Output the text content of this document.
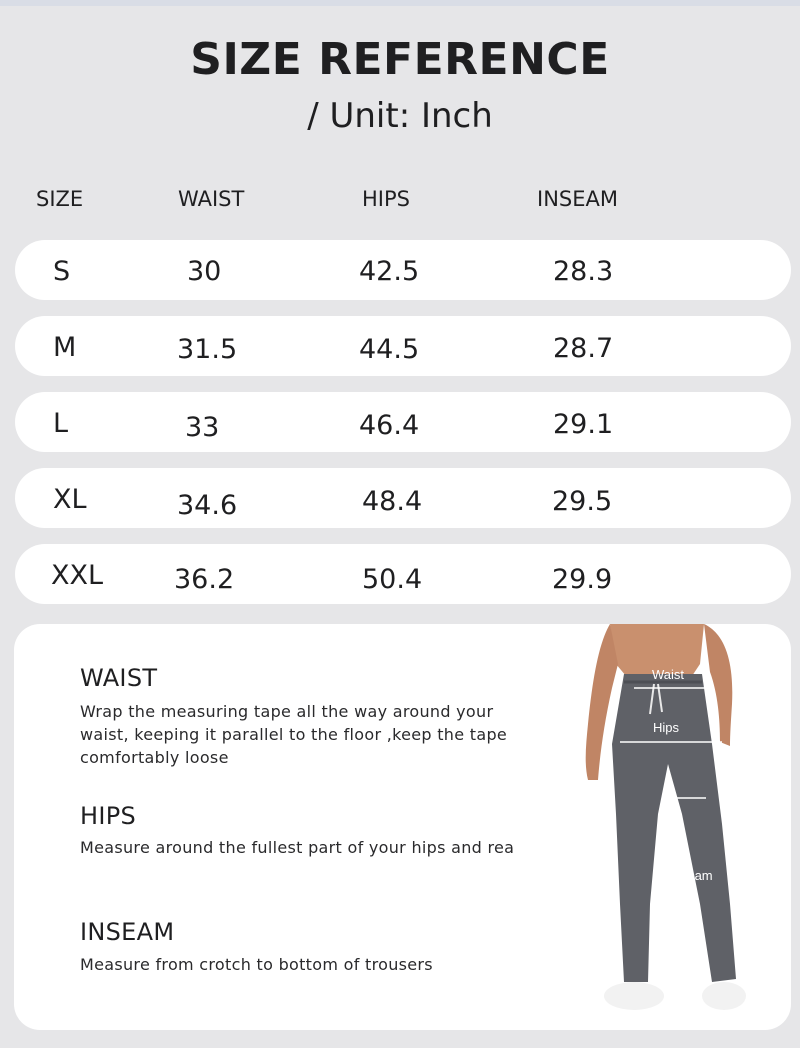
SIZE REFERENCE
/ Unit: Inch
SIZE	WAIST	HIPS	INSEAM
S	30	42.5	28.3
M	31.5	44.5	28.7
L	33	46.4	29.1
XL	34.6	48.4	29.5
XXL	36.2	50.4	29.9
WAIST
Wrap the measuring tape all the way around your waist, keeping it parallel to the floor ,keep the tape comfortably loose
HIPS
Measure around the fullest part of your hips and rea
INSEAM
Measure from crotch to bottom of trousers
Waist
Hips
Inseam
